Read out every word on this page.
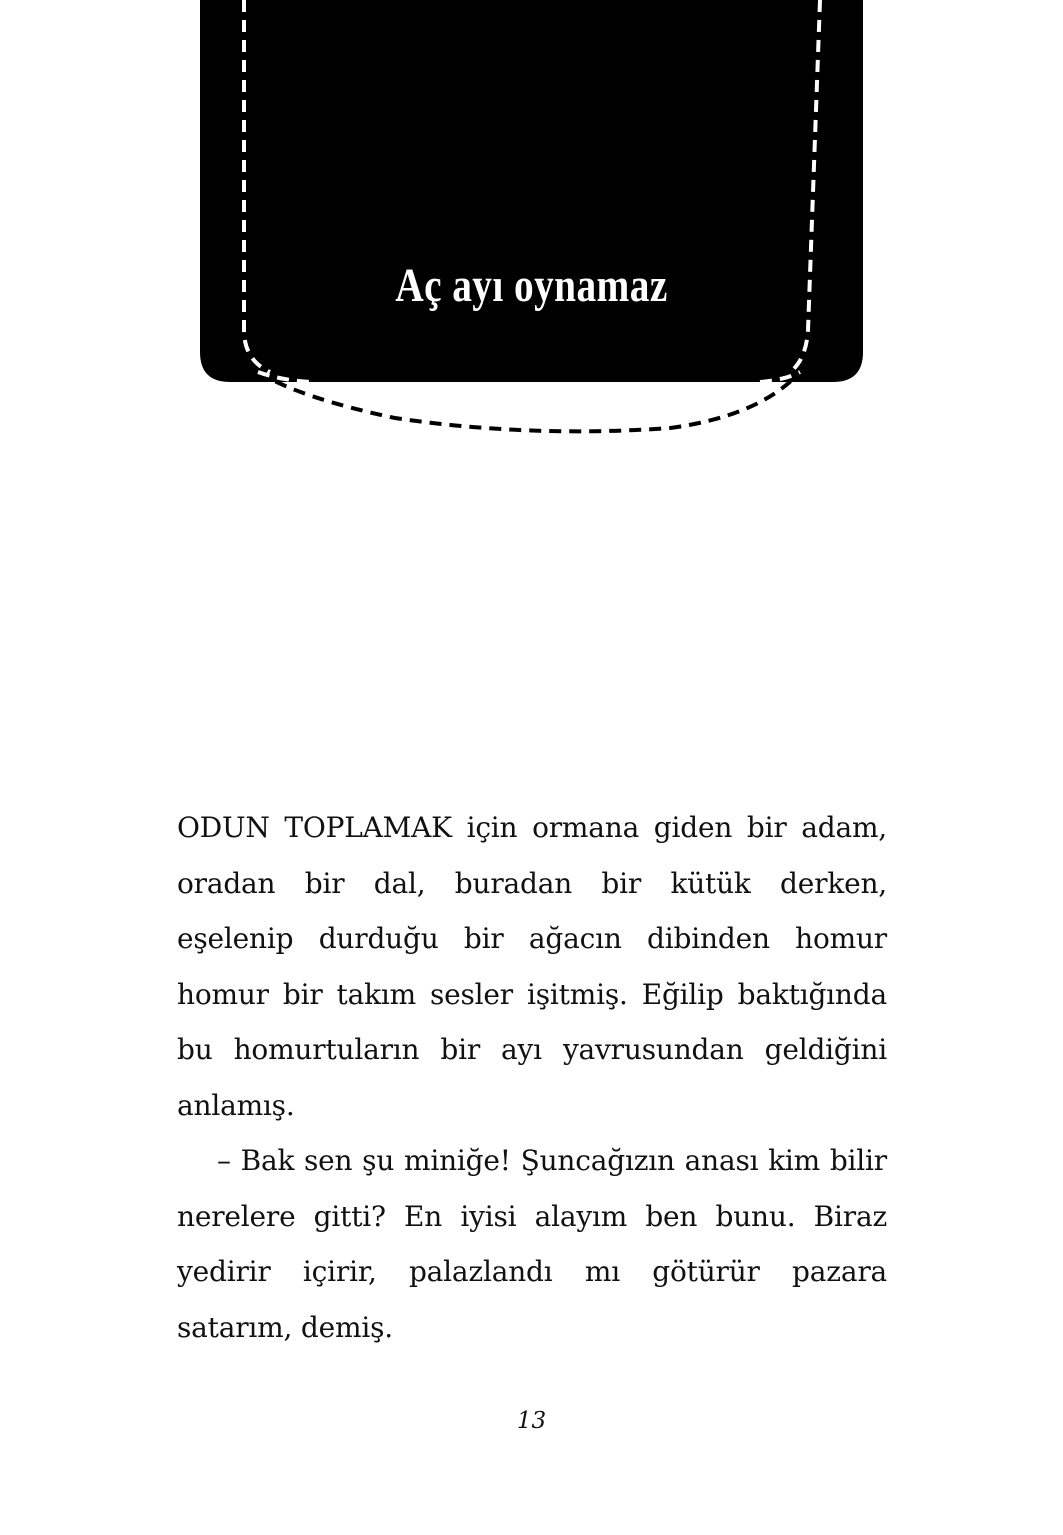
Aç ayı oynamaz

ODUN TOPLAMAK için ormana giden bir adam, oradan bir dal, buradan bir kütük derken, eşelenip durduğu bir ağacın dibinden homur homur bir takım sesler işitmiş. Eğilip baktığında bu homurtuların bir ayı yavrusundan geldiğini anlamış.

– Bak sen şu miniğe! Şuncağızın anası kim bilir nerelere gitti? En iyisi alayım ben bunu. Biraz yedirir içirir, palazlandı mı götürür pazara satarım, demiş.

13
